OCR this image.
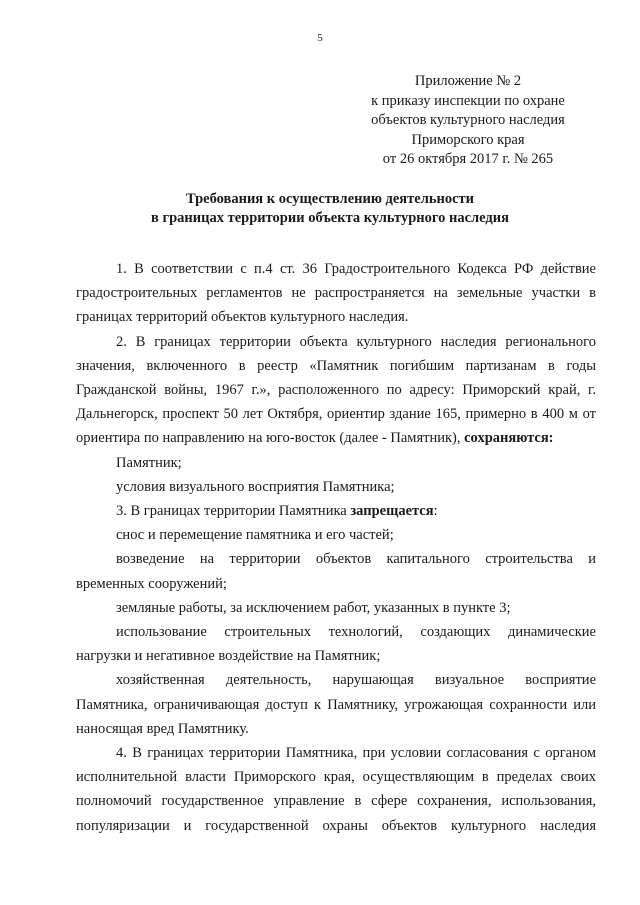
5
Приложение № 2
к приказу инспекции по охране
объектов культурного наследия
Приморского края
от 26 октября 2017 г. № 265
Требования к осуществлению деятельности
в границах территории объекта культурного наследия

1. В соответствии с п.4 ст. 36 Градостроительного Кодекса РФ действие градостроительных регламентов не распространяется на земельные участки в границах территорий объектов культурного наследия.

2. В границах территории объекта культурного наследия регионального значения, включенного в реестр «Памятник погибшим партизанам в годы Гражданской войны, 1967 г.», расположенного по адресу: Приморский край, г. Дальнегорск, проспект 50 лет Октября, ориентир здание 165, примерно в 400 м от ориентира по направлению на юго-восток (далее - Памятник), сохраняются:

Памятник;

условия визуального восприятия Памятника;

3. В границах территории Памятника запрещается:

снос и перемещение памятника и его частей;

возведение на территории объектов капитального строительства и временных сооружений;

земляные работы, за исключением работ, указанных в пункте 3;

использование строительных технологий, создающих динамические нагрузки и негативное воздействие на Памятник;

хозяйственная деятельность, нарушающая визуальное восприятие Памятника, ограничивающая доступ к Памятнику, угрожающая сохранности или наносящая вред Памятнику.

4. В границах территории Памятника, при условии согласования с органом исполнительной власти Приморского края, осуществляющим в пределах своих полномочий государственное управление в сфере сохранения, использования, популяризации и государственной охраны объектов культурного наследия
